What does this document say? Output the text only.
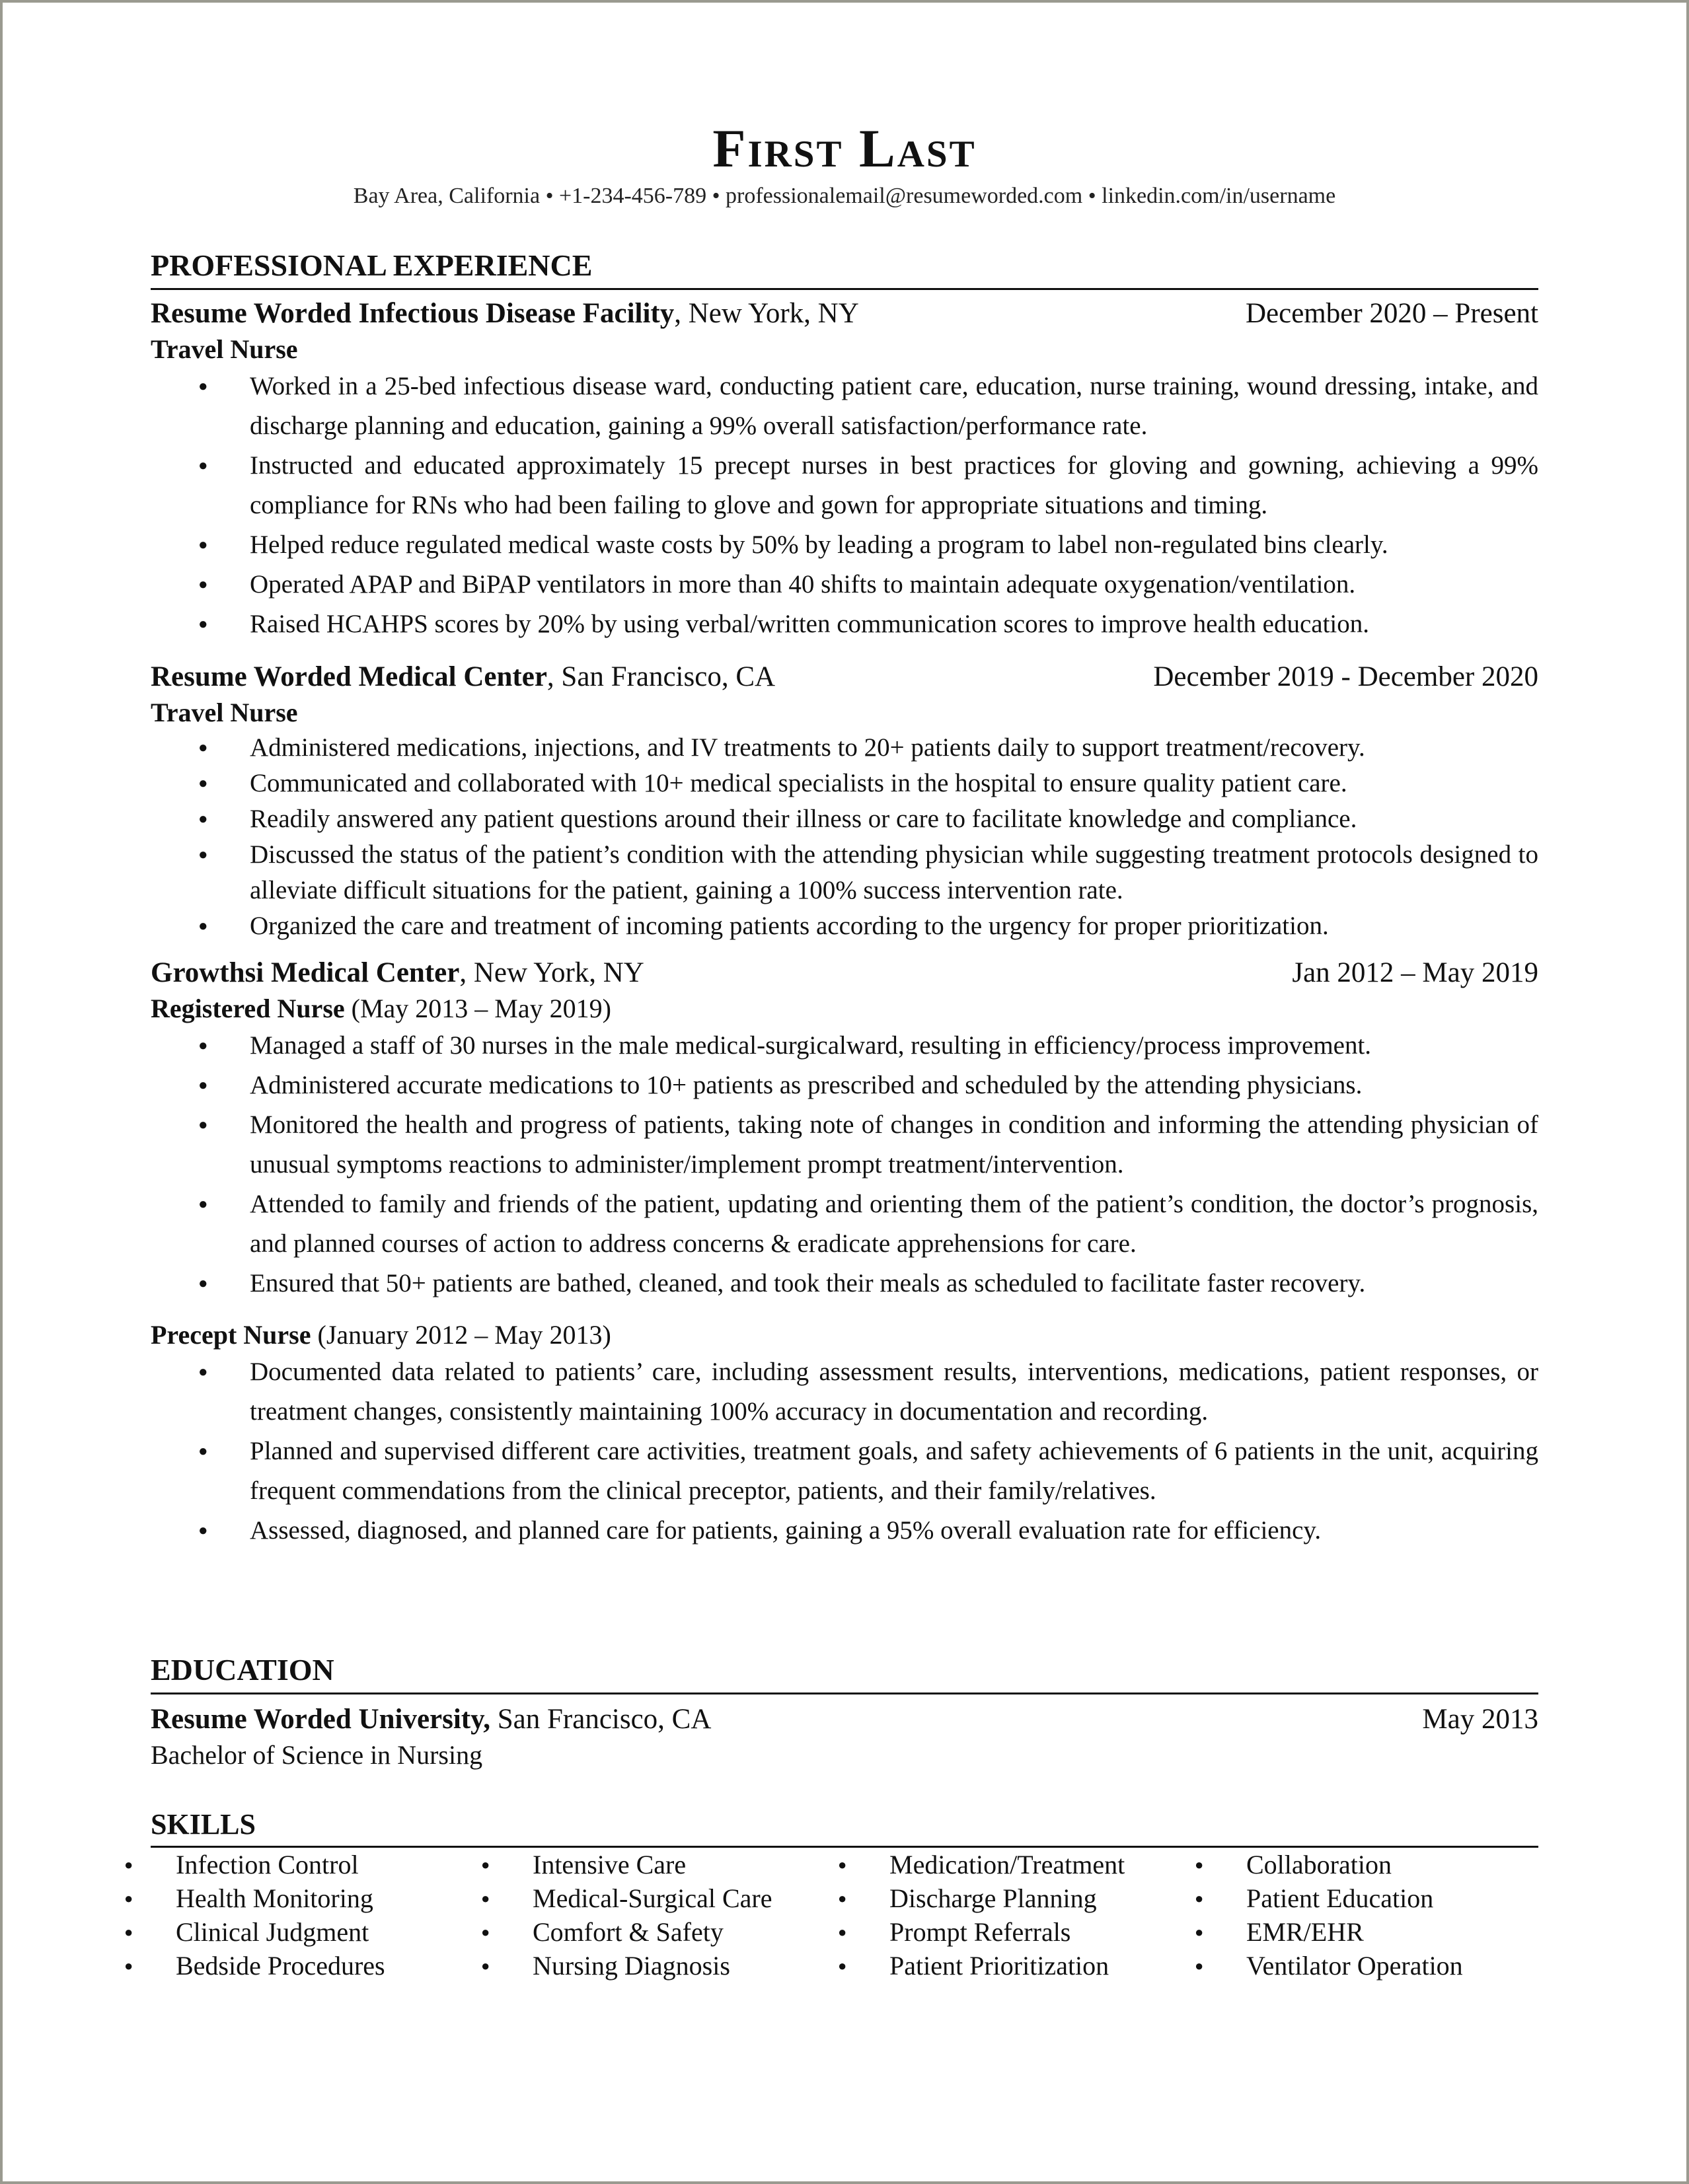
First Last

Bay Area, California • +1-234-456-789 • professionalemail@resumeworded.com • linkedin.com/in/username

PROFESSIONAL EXPERIENCE
Resume Worded Infectious Disease Facility, New York, NY	December 2020 – Present
Travel Nurse
● Worked in a 25-bed infectious disease ward, conducting patient care, education, nurse training, wound dressing, intake, and discharge planning and education, gaining a 99% overall satisfaction/performance rate.
● Instructed and educated approximately 15 precept nurses in best practices for gloving and gowning, achieving a 99% compliance for RNs who had been failing to glove and gown for appropriate situations and timing.
● Helped reduce regulated medical waste costs by 50% by leading a program to label non-regulated bins clearly.
● Operated APAP and BiPAP ventilators in more than 40 shifts to maintain adequate oxygenation/ventilation.
● Raised HCAHPS scores by 20% by using verbal/written communication scores to improve health education.
Resume Worded Medical Center, San Francisco, CA	December 2019 - December 2020
Travel Nurse
● Administered medications, injections, and IV treatments to 20+ patients daily to support treatment/recovery.
● Communicated and collaborated with 10+ medical specialists in the hospital to ensure quality patient care.
● Readily answered any patient questions around their illness or care to facilitate knowledge and compliance.
● Discussed the status of the patient’s condition with the attending physician while suggesting treatment protocols designed to alleviate difficult situations for the patient, gaining a 100% success intervention rate.
● Organized the care and treatment of incoming patients according to the urgency for proper prioritization.
Growthsi Medical Center, New York, NY	Jan 2012 – May 2019
Registered Nurse (May 2013 – May 2019)
● Managed a staff of 30 nurses in the male medical-surgicalward, resulting in efficiency/process improvement.
● Administered accurate medications to 10+ patients as prescribed and scheduled by the attending physicians.
● Monitored the health and progress of patients, taking note of changes in condition and informing the attending physician of unusual symptoms reactions to administer/implement prompt treatment/intervention.
● Attended to family and friends of the patient, updating and orienting them of the patient’s condition, the doctor’s prognosis, and planned courses of action to address concerns & eradicate apprehensions for care.
● Ensured that 50+ patients are bathed, cleaned, and took their meals as scheduled to facilitate faster recovery.
Precept Nurse (January 2012 – May 2013)
● Documented data related to patients’ care, including assessment results, interventions, medications, patient responses, or treatment changes, consistently maintaining 100% accuracy in documentation and recording.
● Planned and supervised different care activities, treatment goals, and safety achievements of 6 patients in the unit, acquiring frequent commendations from the clinical preceptor, patients, and their family/relatives.
● Assessed, diagnosed, and planned care for patients, gaining a 95% overall evaluation rate for efficiency.
EDUCATION
Resume Worded University, San Francisco, CA	May 2013
Bachelor of Science in Nursing
SKILLS
● Infection Control	● Intensive Care	● Medication/Treatment	● Collaboration
● Health Monitoring	● Medical-Surgical Care	● Discharge Planning	● Patient Education
● Clinical Judgment	● Comfort & Safety	● Prompt Referrals	● EMR/EHR
● Bedside Procedures	● Nursing Diagnosis	● Patient Prioritization	● Ventilator Operation
